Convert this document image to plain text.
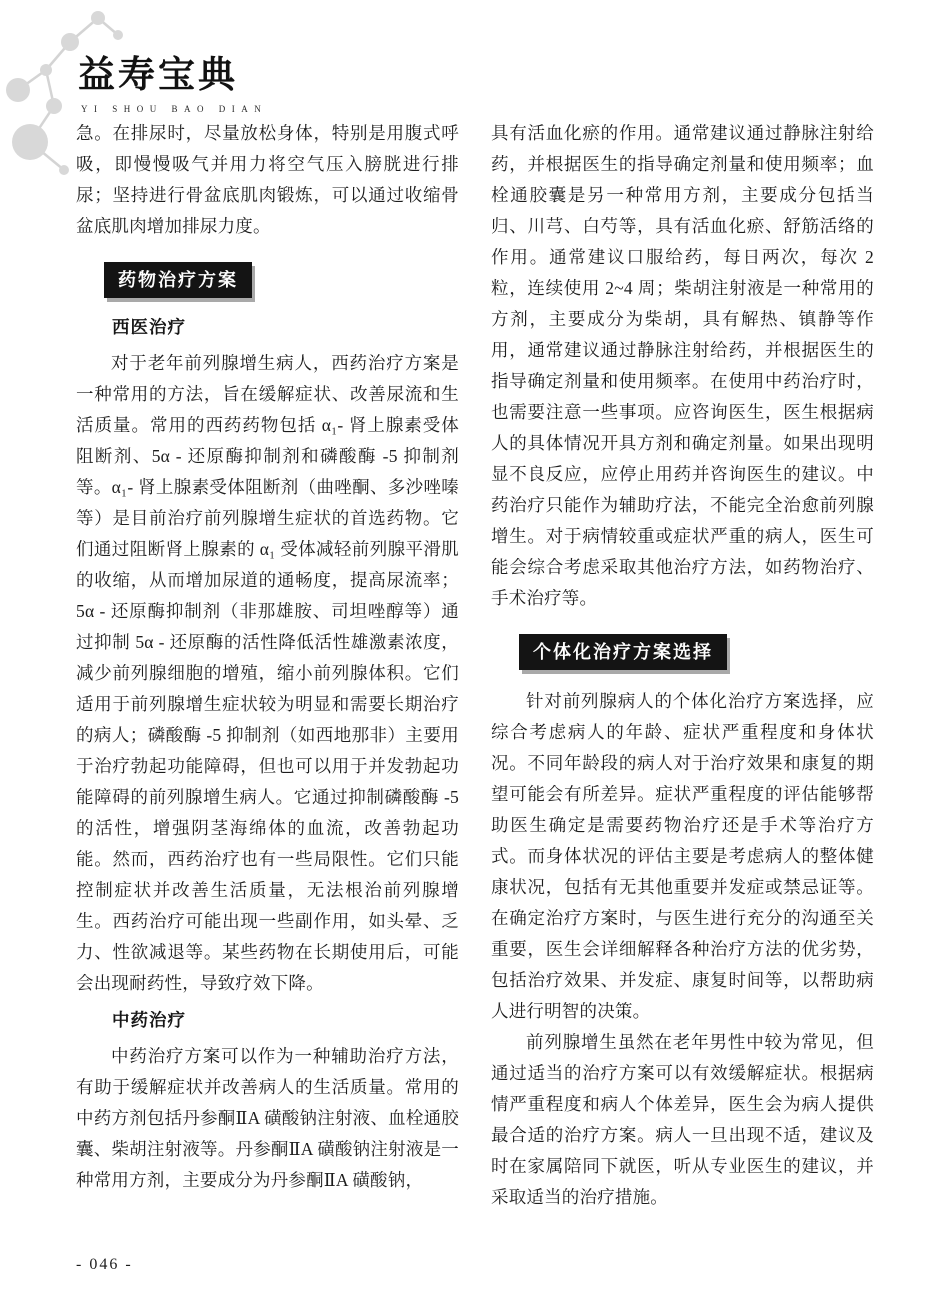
益寿宝典
YI SHOU BAO DIAN

急。在排尿时，尽量放松身体，特别是用腹式呼吸，即慢慢吸气并用力将空气压入膀胱进行排尿；坚持进行骨盆底肌肉锻炼，可以通过收缩骨盆底肌肉增加排尿力度。

药物治疗方案
西医治疗

对于老年前列腺增生病人，西药治疗方案是一种常用的方法，旨在缓解症状、改善尿流和生活质量。常用的西药药物包括 α₁- 肾上腺素受体阻断剂、5α - 还原酶抑制剂和磷酸酶 -5 抑制剂等。α₁- 肾上腺素受体阻断剂（曲唑酮、多沙唑嗪等）是目前治疗前列腺增生症状的首选药物。它们通过阻断肾上腺素的 α₁ 受体减轻前列腺平滑肌的收缩，从而增加尿道的通畅度，提高尿流率；5α - 还原酶抑制剂（非那雄胺、司坦唑醇等）通过抑制 5α - 还原酶的活性降低活性雄激素浓度，减少前列腺细胞的增殖，缩小前列腺体积。它们适用于前列腺增生症状较为明显和需要长期治疗的病人；磷酸酶 -5 抑制剂（如西地那非）主要用于治疗勃起功能障碍，但也可以用于并发勃起功能障碍的前列腺增生病人。它通过抑制磷酸酶 -5 的活性，增强阴茎海绵体的血流，改善勃起功能。然而，西药治疗也有一些局限性。它们只能控制症状并改善生活质量，无法根治前列腺增生。西药治疗可能出现一些副作用，如头晕、乏力、性欲减退等。某些药物在长期使用后，可能会出现耐药性，导致疗效下降。

中药治疗

中药治疗方案可以作为一种辅助治疗方法，有助于缓解症状并改善病人的生活质量。常用的中药方剂包括丹参酮ⅡA 磺酸钠注射液、血栓通胶囊、柴胡注射液等。丹参酮ⅡA 磺酸钠注射液是一种常用方剂，主要成分为丹参酮ⅡA 磺酸钠，

具有活血化瘀的作用。通常建议通过静脉注射给药，并根据医生的指导确定剂量和使用频率；血栓通胶囊是另一种常用方剂，主要成分包括当归、川芎、白芍等，具有活血化瘀、舒筋活络的作用。通常建议口服给药，每日两次，每次 2 粒，连续使用 2~4 周；柴胡注射液是一种常用的方剂，主要成分为柴胡，具有解热、镇静等作用，通常建议通过静脉注射给药，并根据医生的指导确定剂量和使用频率。在使用中药治疗时，也需要注意一些事项。应咨询医生，医生根据病人的具体情况开具方剂和确定剂量。如果出现明显不良反应，应停止用药并咨询医生的建议。中药治疗只能作为辅助疗法，不能完全治愈前列腺增生。对于病情较重或症状严重的病人，医生可能会综合考虑采取其他治疗方法，如药物治疗、手术治疗等。

个体化治疗方案选择

针对前列腺病人的个体化治疗方案选择，应综合考虑病人的年龄、症状严重程度和身体状况。不同年龄段的病人对于治疗效果和康复的期望可能会有所差异。症状严重程度的评估能够帮助医生确定是需要药物治疗还是手术等治疗方式。而身体状况的评估主要是考虑病人的整体健康状况，包括有无其他重要并发症或禁忌证等。在确定治疗方案时，与医生进行充分的沟通至关重要，医生会详细解释各种治疗方法的优劣势，包括治疗效果、并发症、康复时间等，以帮助病人进行明智的决策。

前列腺增生虽然在老年男性中较为常见，但通过适当的治疗方案可以有效缓解症状。根据病情严重程度和病人个体差异，医生会为病人提供最合适的治疗方案。病人一旦出现不适，建议及时在家属陪同下就医，听从专业医生的建议，并采取适当的治疗措施。

- 046 -
